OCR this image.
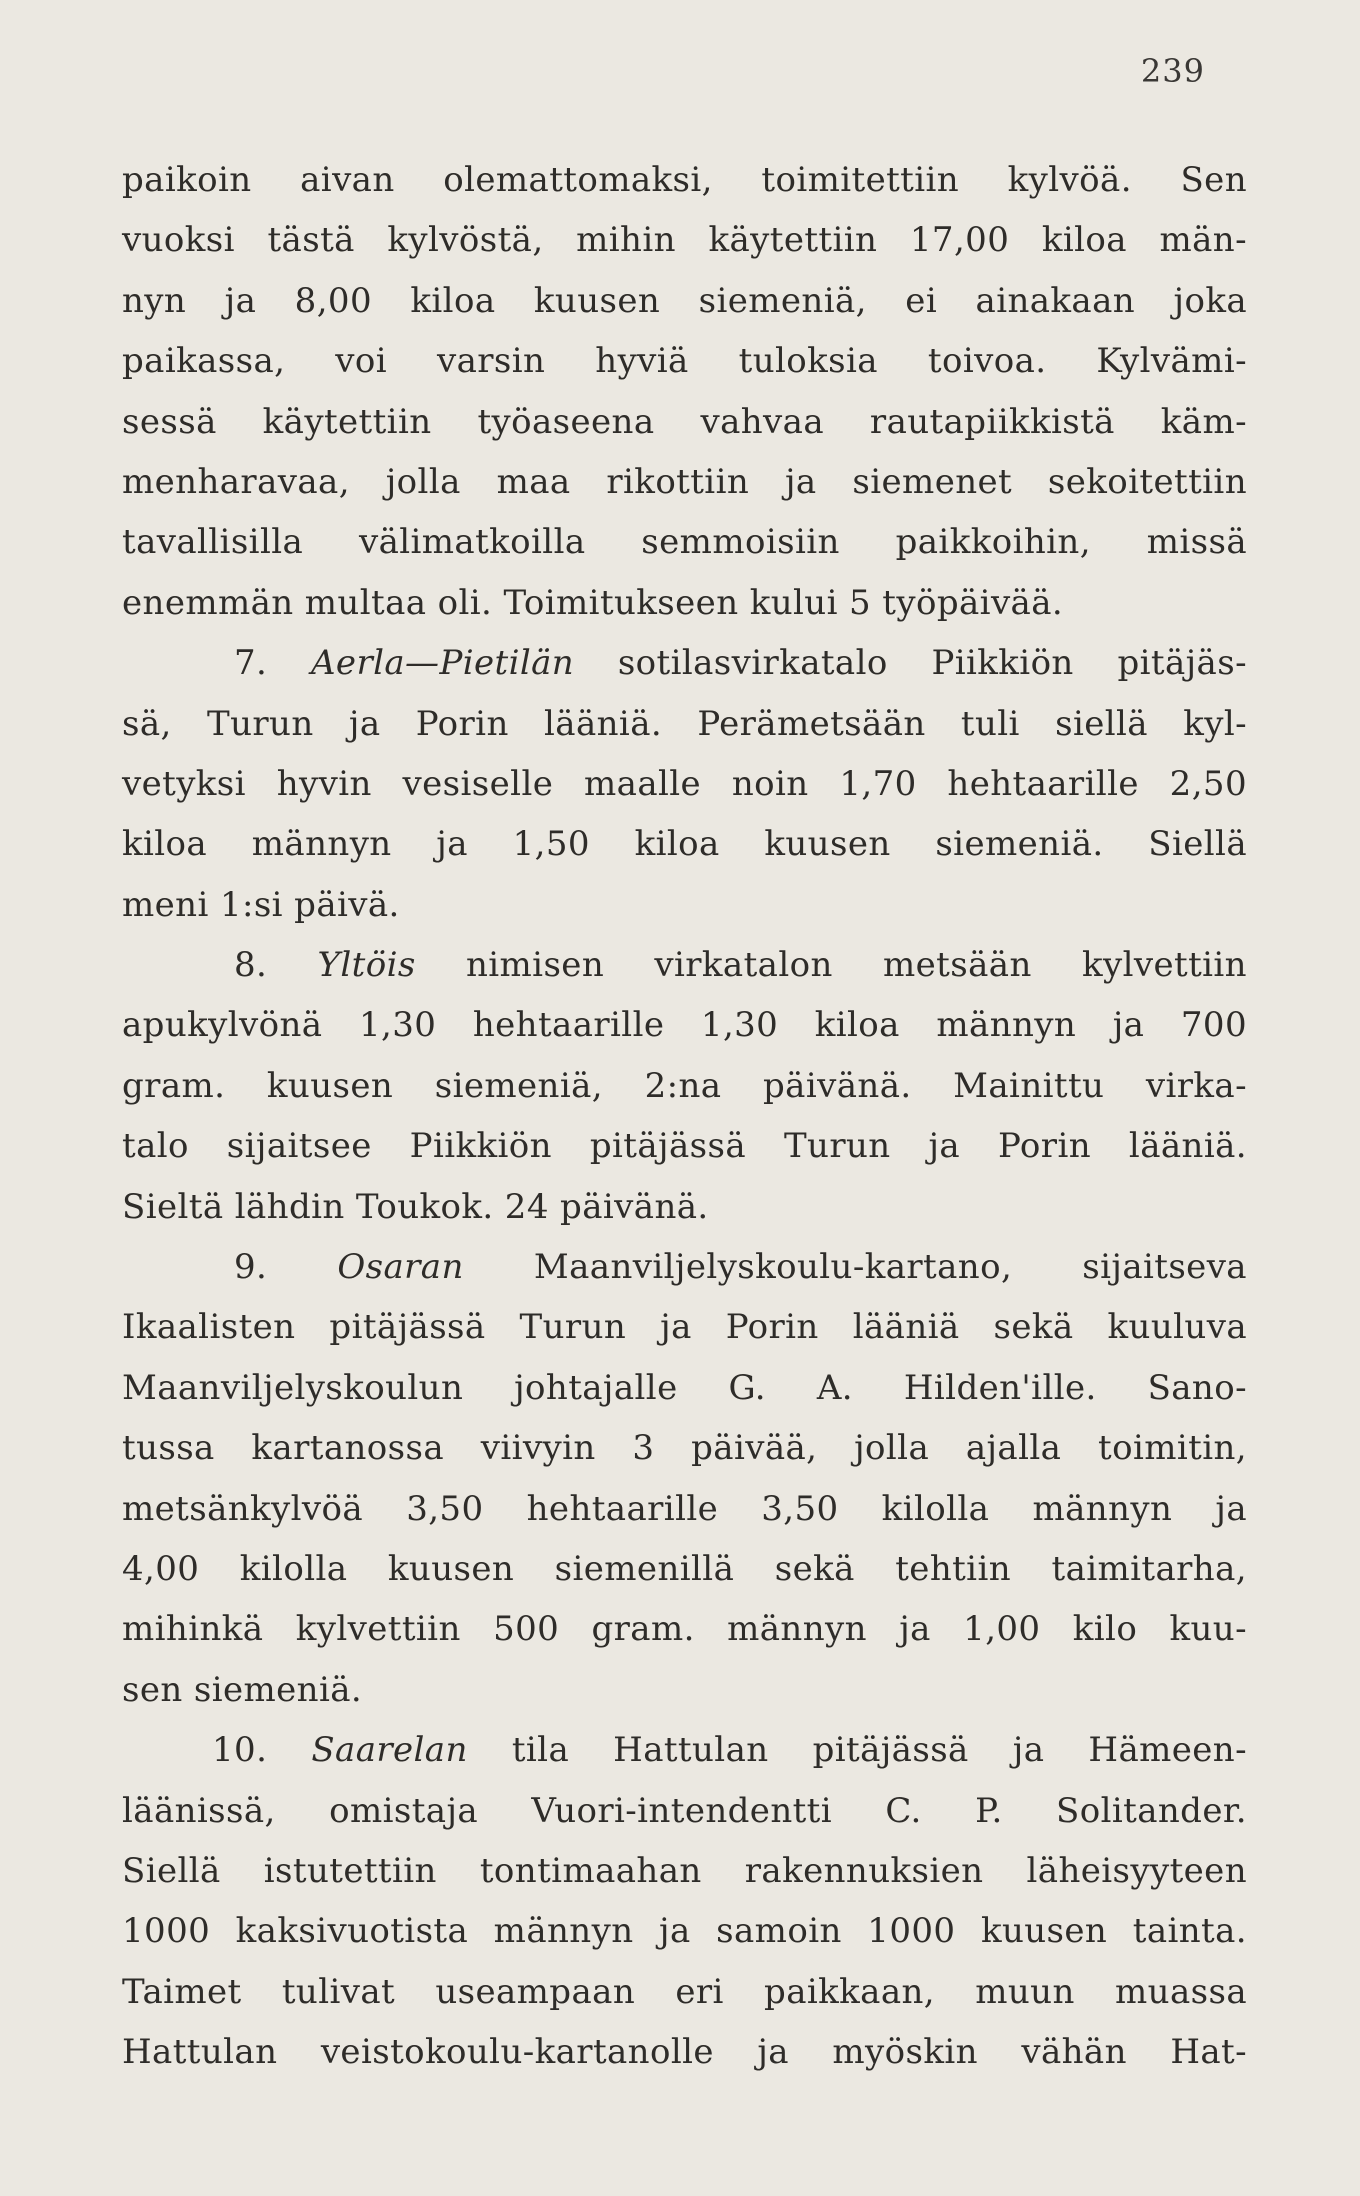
239
paikoin aivan olemattomaksi, toimitettiin kylvöä. Sen
vuoksi tästä kylvöstä, mihin käytettiin 17,00 kiloa män-
nyn ja 8,00 kiloa kuusen siemeniä, ei ainakaan joka
paikassa, voi varsin hyviä tuloksia toivoa. Kylvämi-
sessä käytettiin työaseena vahvaa rautapiikkistä käm-
menharavaa, jolla maa rikottiin ja siemenet sekoitettiin
tavallisilla välimatkoilla semmoisiin paikkoihin, missä
enemmän multaa oli. Toimitukseen kului 5 työpäivää.
7. Aerla—Pietilän sotilasvirkatalo Piikkiön pitäjäs-
sä, Turun ja Porin lääniä. Perämetsään tuli siellä kyl-
vetyksi hyvin vesiselle maalle noin 1,70 hehtaarille 2,50
kiloa männyn ja 1,50 kiloa kuusen siemeniä. Siellä
meni 1:si päivä.
8. Yltöis nimisen virkatalon metsään kylvettiin
apukylvönä 1,30 hehtaarille 1,30 kiloa männyn ja 700
gram. kuusen siemeniä, 2:na päivänä. Mainittu virka-
talo sijaitsee Piikkiön pitäjässä Turun ja Porin lääniä.
Sieltä lähdin Toukok. 24 päivänä.
9. Osaran Maanviljelyskoulu-kartano, sijaitseva
Ikaalisten pitäjässä Turun ja Porin lääniä sekä kuuluva
Maanviljelyskoulun johtajalle G. A. Hilden'ille. Sano-
tussa kartanossa viivyin 3 päivää, jolla ajalla toimitin,
metsänkylvöä 3,50 hehtaarille 3,50 kilolla männyn ja
4,00 kilolla kuusen siemenillä sekä tehtiin taimitarha,
mihinkä kylvettiin 500 gram. männyn ja 1,00 kilo kuu-
sen siemeniä.
10. Saarelan tila Hattulan pitäjässä ja Hämeen-
läänissä, omistaja Vuori-intendentti C. P. Solitander.
Siellä istutettiin tontimaahan rakennuksien läheisyyteen
1000 kaksivuotista männyn ja samoin 1000 kuusen tainta.
Taimet tulivat useampaan eri paikkaan, muun muassa
Hattulan veistokoulu-kartanolle ja myöskin vähän Hat-
